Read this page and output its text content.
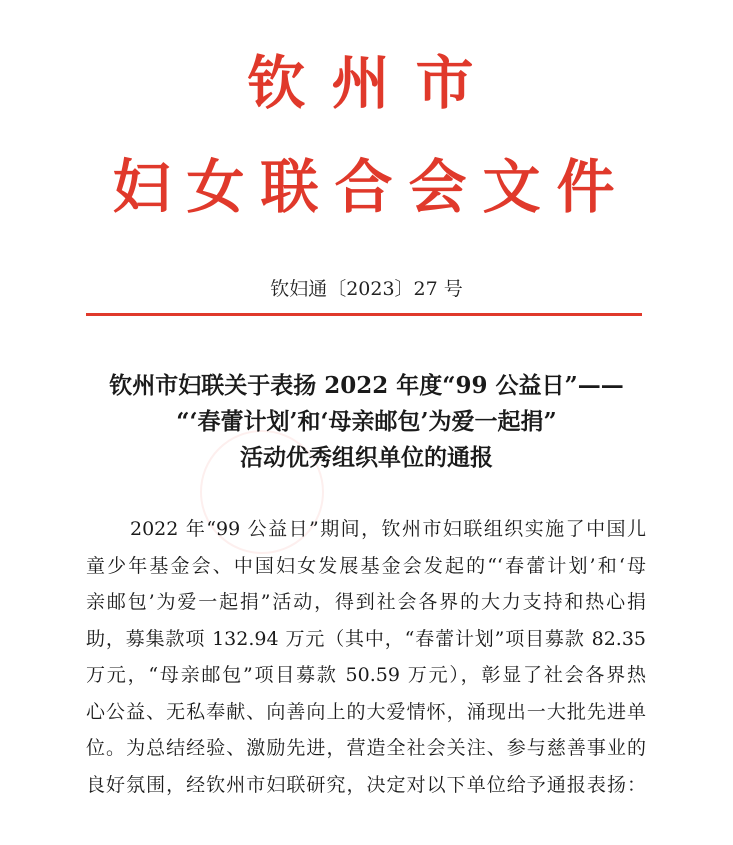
钦州市
妇女联合会文件
钦妇通〔2023〕27 号
钦州市妇联关于表扬 2022 年度“99 公益日”——
“‘春蕾计划’和‘母亲邮包’为爱一起捐”
活动优秀组织单位的通报
2022 年“99 公益日”期间，钦州市妇联组织实施了中国儿
童少年基金会、中国妇女发展基金会发起的“‘春蕾计划’和‘母
亲邮包’为爱一起捐”活动，得到社会各界的大力支持和热心捐
助，募集款项 132.94 万元（其中，“春蕾计划”项目募款 82.35
万元，“母亲邮包”项目募款 50.59 万元），彰显了社会各界热
心公益、无私奉献、向善向上的大爱情怀，涌现出一大批先进单
位。为总结经验、激励先进，营造全社会关注、参与慈善事业的
良好氛围，经钦州市妇联研究，决定对以下单位给予通报表扬：
